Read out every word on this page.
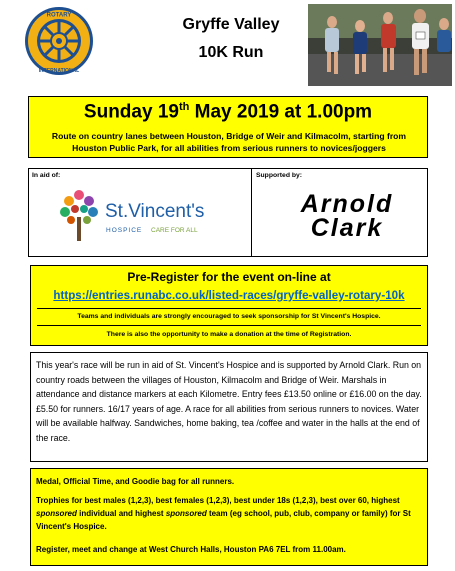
ROTARY
INTERNATIONAL
Gryffe Valley
10K Run
Sunday 19th May 2019 at 1.00pm
Route on country lanes between Houston, Bridge of Weir and Kilmacolm, starting from Houston Public Park, for all abilities from serious runners to novices/joggers
In aid of:	Supported by:
St.Vincent's
HOSPICE CARE FOR ALL
Arnold
Clark
Pre-Register for the event on-line at
https://entries.runabc.co.uk/listed-races/gryffe-valley-rotary-10k
Teams and individuals are strongly encouraged to seek sponsorship for St Vincent's Hospice.
There is also the opportunity to make a donation at the time of Registration.
This year's race will be run in aid of St. Vincent's Hospice and is supported by Arnold Clark. Run on country roads between the villages of Houston, Kilmacolm and Bridge of Weir. Marshals in attendance and distance markers at each Kilometre. Entry fees £13.50 online or £16.00 on the day. £5.50 for runners. 16/17 years of age. A race for all abilities from serious runners to novices. Water will be available halfway. Sandwiches, home baking, tea /coffee and water in the halls at the end of the race.
Medal, Official Time, and Goodie bag for all runners.
Trophies for best males (1,2,3), best females (1,2,3), best under 18s (1,2,3), best over 60, highest sponsored individual and highest sponsored team (eg school, pub, club, company or family) for St Vincent's Hospice.
Register, meet and change at West Church Halls, Houston PA6 7EL from 11.00am.
